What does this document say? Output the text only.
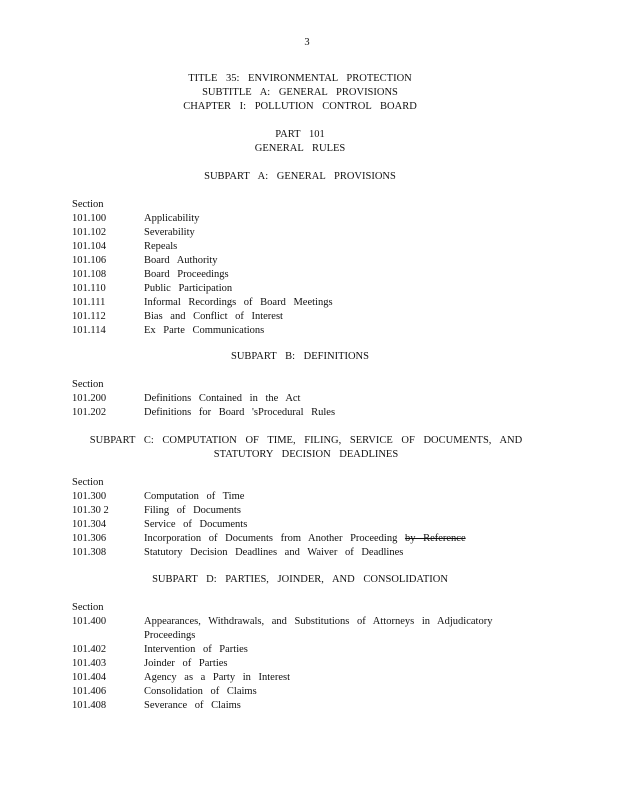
3
TITLE 35: ENVIRONMENTAL PROTECTION
SUBTITLE A: GENERAL PROVISIONS
CHAPTER I: POLLUTION CONTROL BOARD
PART 101
GENERAL RULES
SUBPART A: GENERAL PROVISIONS
Section
101.100	Applicability
101.102	Severability
101.104	Repeals
101.106	Board Authority
101.108	Board Proceedings
101.110	Public Participation
101.111	Informal Recordings of Board Meetings
101.112	Bias and Conflict of Interest
101.114	Ex Parte Communications
SUBPART B: DEFINITIONS
Section
101.200	Definitions Contained in the Act
101.202	Definitions for Board 'sProcedural Rules
SUBPART C: COMPUTATION OF TIME, FILING, SERVICE OF DOCUMENTS, AND
STATUTORY DECISION DEADLINES
Section
101.300	Computation of Time
101.30 2	Filing of Documents
101.304	Service of Documents
101.306	Incorporation of Documents from Another Proceeding by Reference
101.308	Statutory Decision Deadlines and Waiver of Deadlines
SUBPART D: PARTIES, JOINDER, AND CONSOLIDATION
Section
101.400	Appearances, Withdrawals, and Substitutions of Attorneys in Adjudicatory Proceedings
101.402	Intervention of Parties
101.403	Joinder of Parties
101.404	Agency as a Party in Interest
101.406	Consolidation of Claims
101.408	Severance of Claims
